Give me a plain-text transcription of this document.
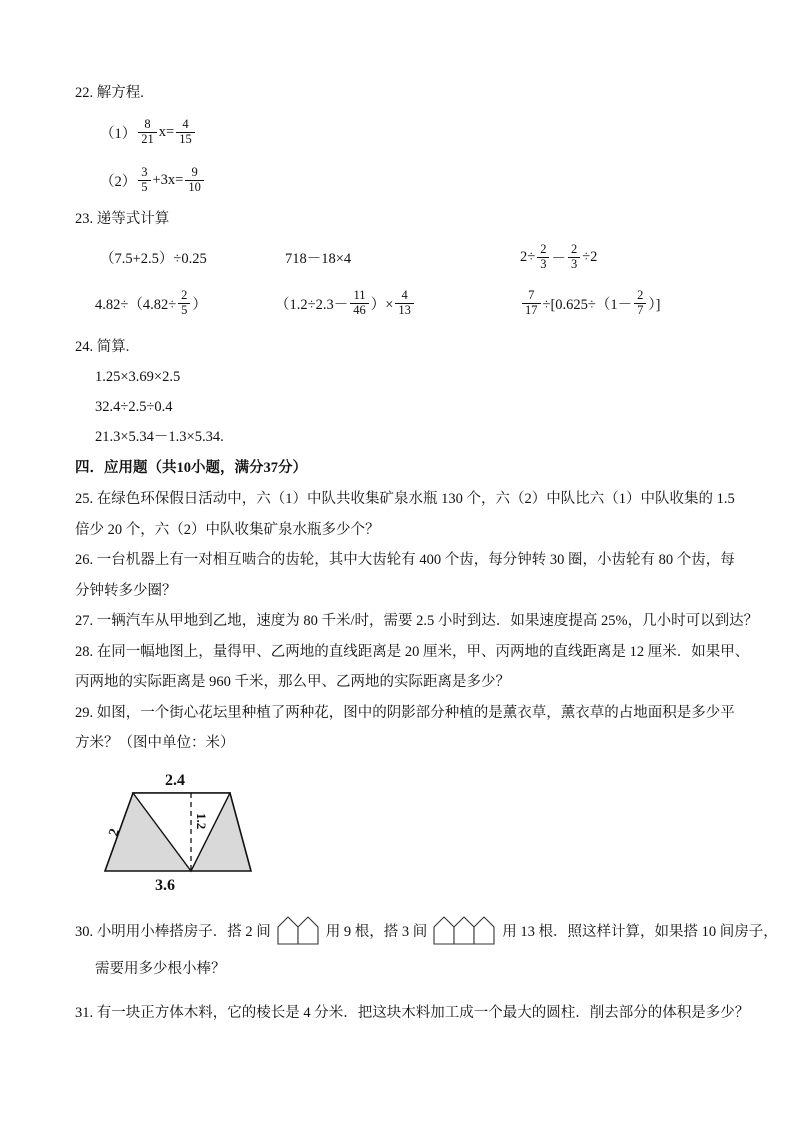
22. 解方程.
$(1) \frac{8}{21} x= \frac{4}{15}$
$(2) \frac{3}{5} +3x= \frac{9}{10}$
23. 递等式计算
（7.5+2.5）÷0.25	718－18×4	$2\div \frac{2}{3} - \frac{2}{3} \div 2$
$4.82\div(4.82\div \frac{2}{5}$ ）	（$1.2\div 2.3- \frac{11}{46}$ ）× $\frac{4}{13}$	$\frac{7}{17} \div[0.625\div(1- \frac{2}{7}$ ）]
24. 简算.
1.25×3.69×2.5
32.4÷2.5÷0.4
21.3×5.34－1.3×5.34.
四．应用题（共10小题，满分37分）
25. 在绿色环保假日活动中，六（1）中队共收集矿泉水瓶 130 个，六（2）中队比六（1）中队收集的 1.5
倍少 20 个，六（2）中队收集矿泉水瓶多少个？
26. 一台机器上有一对相互啮合的齿轮，其中大齿轮有 400 个齿，每分钟转 30 圈，小齿轮有 80 个齿，每
分钟转多少圈？
27. 一辆汽车从甲地到乙地，速度为 80 千米/时，需要 2.5 小时到达．如果速度提高 25%，几小时可以到达？
28. 在同一幅地图上，量得甲、乙两地的直线距离是 20 厘米，甲、丙两地的直线距离是 12 厘米．如果甲、
丙两地的实际距离是 960 千米，那么甲、乙两地的实际距离是多少？
29. 如图，一个街心花坛里种植了两种花，图中的阴影部分种植的是薰衣草，薰衣草的占地面积是多少平
方米？（图中单位：米）
2.4
1.2
2
3.6
30. 小明用小棒搭房子．搭 2 间	用 9 根，搭 3 间	用 13 根．照这样计算，如果搭 10 间房子，
需要用多少根小棒？
31. 有一块正方体木料，它的棱长是 4 分米．把这块木料加工成一个最大的圆柱．削去部分的体积是多少？
